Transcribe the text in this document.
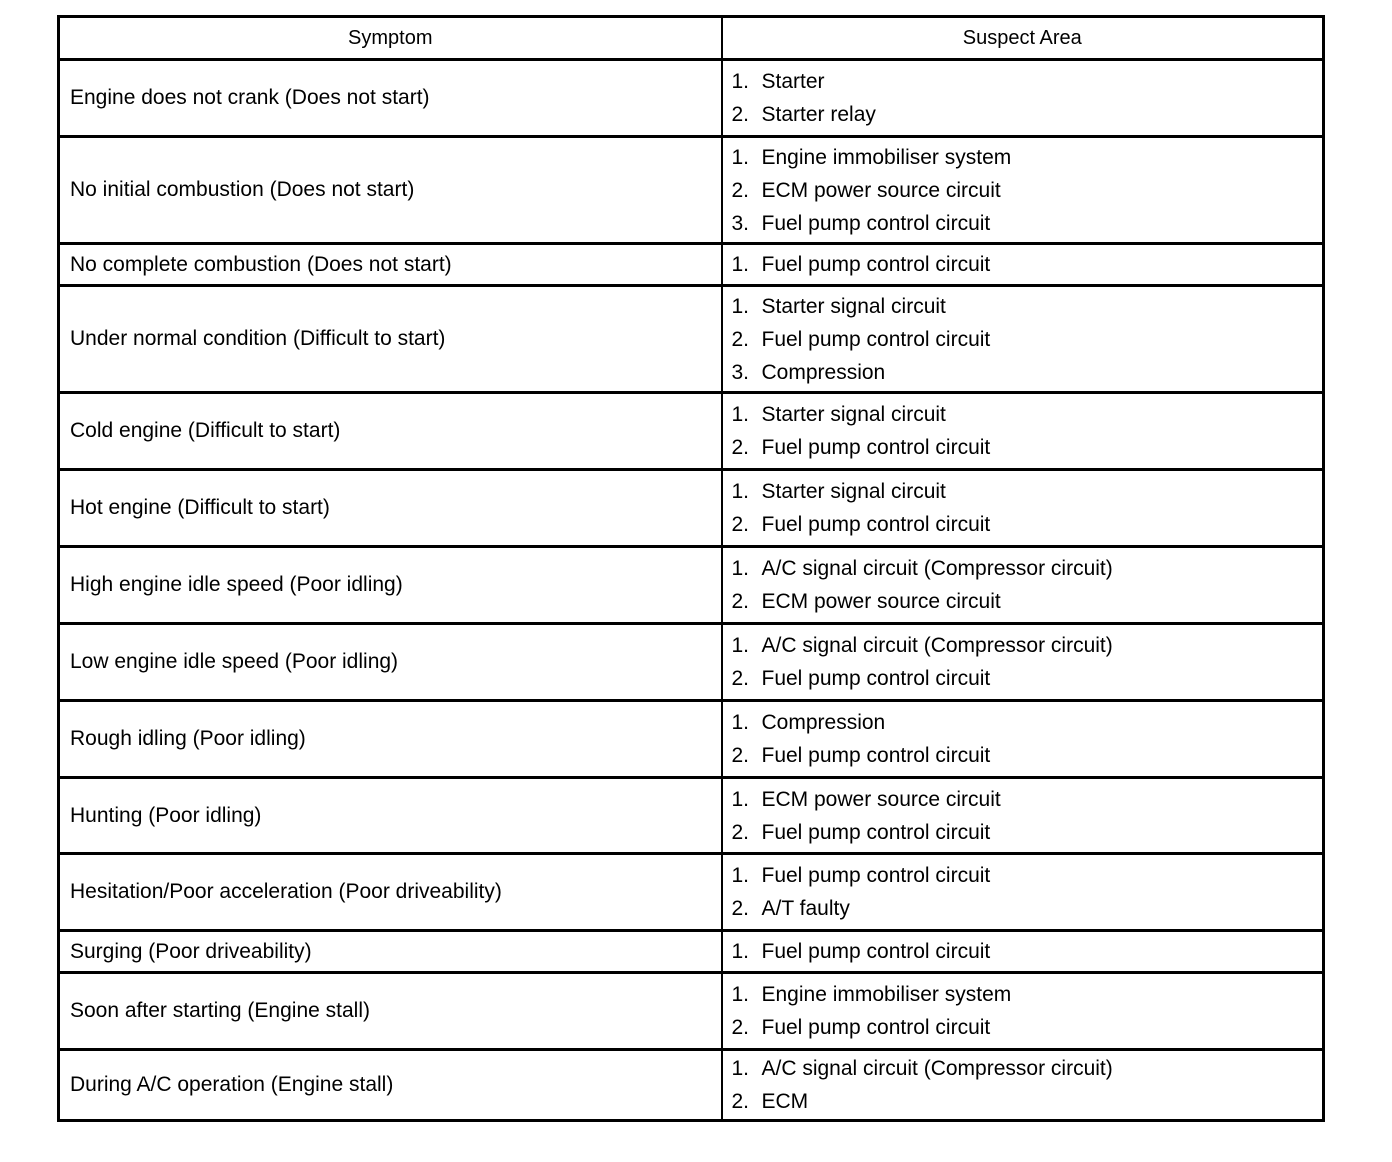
Symptom	Suspect Area
Engine does not crank (Does not start)	1. Starter
2. Starter relay

No initial combustion (Does not start)	1. Engine immobiliser system
2. ECM power source circuit
3. Fuel pump control circuit

No complete combustion (Does not start)	1. Fuel pump control circuit

Under normal condition (Difficult to start)	1. Starter signal circuit
2. Fuel pump control circuit
3. Compression

Cold engine (Difficult to start)	1. Starter signal circuit
2. Fuel pump control circuit

Hot engine (Difficult to start)	1. Starter signal circuit
2. Fuel pump control circuit

High engine idle speed (Poor idling)	1. A/C signal circuit (Compressor circuit)
2. ECM power source circuit

Low engine idle speed (Poor idling)	1. A/C signal circuit (Compressor circuit)
2. Fuel pump control circuit

Rough idling (Poor idling)	1. Compression
2. Fuel pump control circuit

Hunting (Poor idling)	1. ECM power source circuit
2. Fuel pump control circuit

Hesitation/Poor acceleration (Poor driveability)	1. Fuel pump control circuit
2. A/T faulty

Surging (Poor driveability)	1. Fuel pump control circuit

Soon after starting (Engine stall)	1. Engine immobiliser system
2. Fuel pump control circuit

During A/C operation (Engine stall)	1. A/C signal circuit (Compressor circuit)
2. ECM
